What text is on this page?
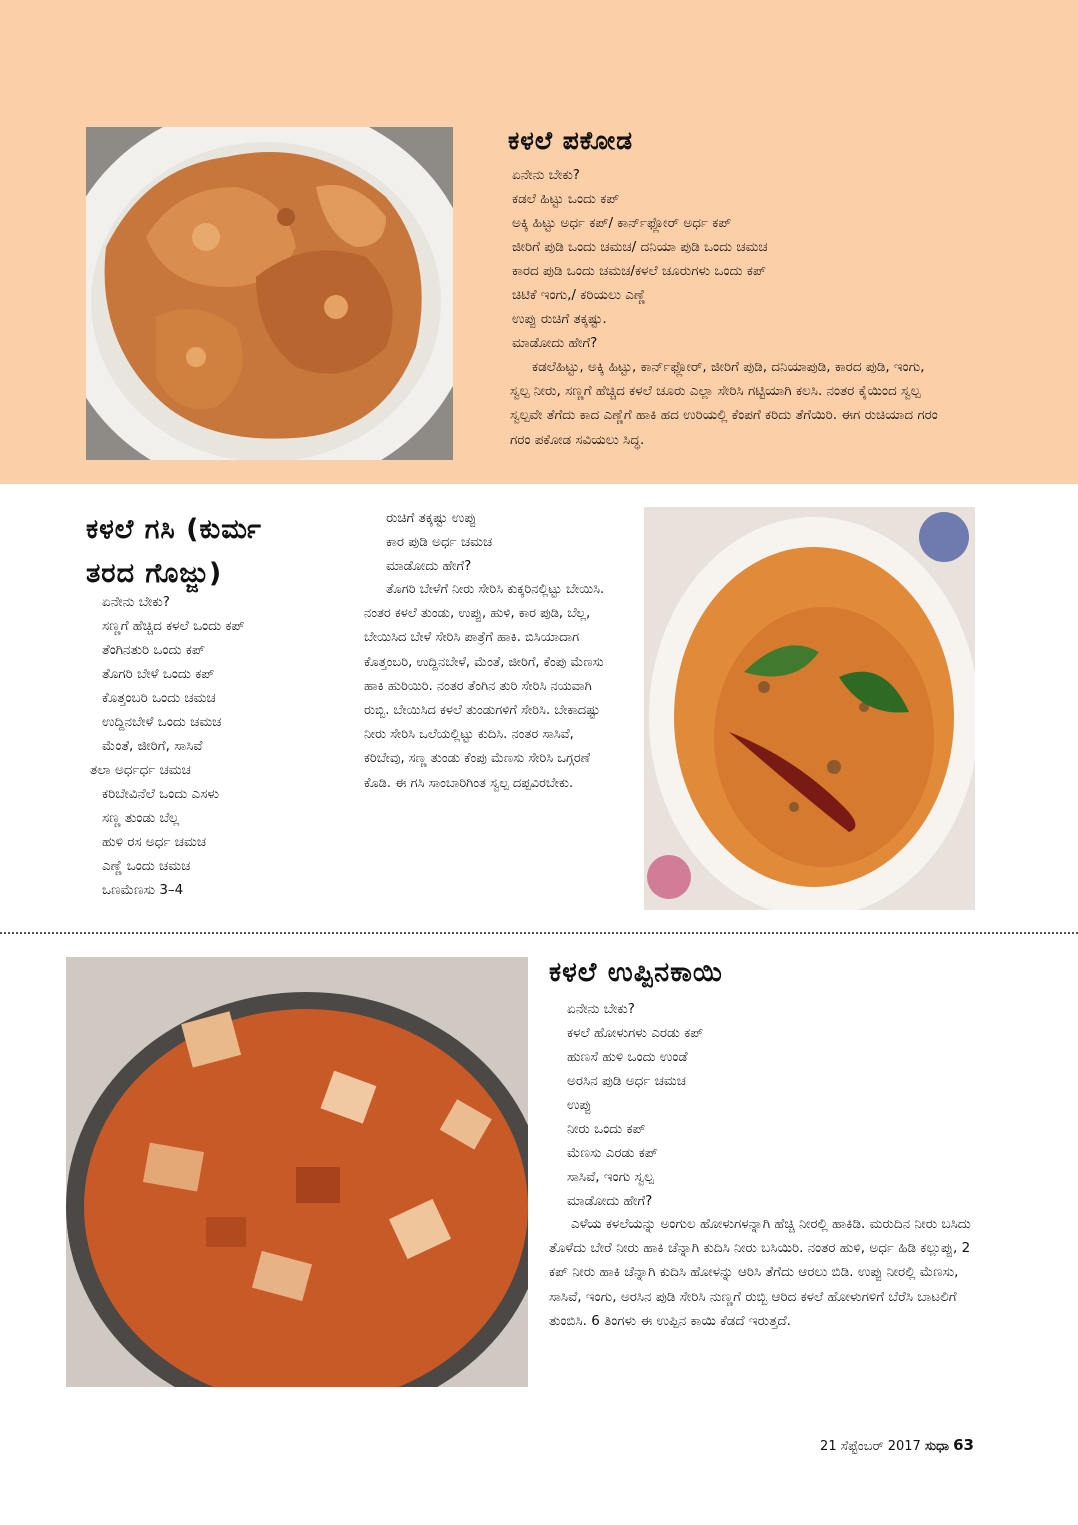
ಕಳಲೆ ಪಕೋಡ
ಏನೇನು ಬೇಕು?
ಕಡಲೆ ಹಿಟ್ಟು ಒಂದು ಕಪ್
ಅಕ್ಕಿ ಹಿಟ್ಟು ಅರ್ಧ ಕಪ್/ ಕಾರ್ನ್‌ಫ್ಲೋರ್ ಅರ್ಧ ಕಪ್
ಜೀರಿಗೆ ಪುಡಿ ಒಂದು ಚಮಚ/ ದನಿಯಾ ಪುಡಿ ಒಂದು ಚಮಚ
ಕಾರದ ಪುಡಿ ಒಂದು ಚಮಚ/ಕಳಲೆ ಚೂರುಗಳು ಒಂದು ಕಪ್
ಚಿಟಿಕೆ ಇಂಗು,/ ಕರಿಯಲು ಎಣ್ಣೆ
ಉಪ್ಪು ರುಚಿಗೆ ತಕ್ಕಷ್ಟು.
ಮಾಡೋದು ಹೇಗೆ?

ಕಡಲೆಹಿಟ್ಟು, ಅಕ್ಕಿ ಹಿಟ್ಟು, ಕಾರ್ನ್‌ಫ್ಲೋರ್, ಜೀರಿಗೆ ಪುಡಿ, ದನಿಯಾಪುಡಿ, ಕಾರದ ಪುಡಿ, ಇಂಗು, ಸ್ವಲ್ಪ ನೀರು, ಸಣ್ಣಗೆ ಹೆಚ್ಚಿದ ಕಳಲೆ ಚೂರು ಎಲ್ಲಾ ಸೇರಿಸಿ ಗಟ್ಟಿಯಾಗಿ ಕಲಸಿ. ನಂತರ ಕೈಯಿಂದ ಸ್ವಲ್ಪ ಸ್ವಲ್ಪವೇ ತೆಗೆದು ಕಾದ ಎಣ್ಣೆಗೆ ಹಾಕಿ ಹದ ಉರಿಯಲ್ಲಿ ಕೆಂಪಗೆ ಕರಿದು ತೆಗೆಯಿರಿ. ಈಗ ರುಚಿಯಾದ ಗರಂ ಗರಂ ಪಕೋಡ ಸವಿಯಲು ಸಿದ್ಧ.

ಕಳಲೆ ಗಸಿ (ಕುರ್ಮ
ತರದ ಗೊಜ್ಜು)
ಏನೇನು ಬೇಕು?
ಸಣ್ಣಗೆ ಹೆಚ್ಚಿದ ಕಳಲೆ ಒಂದು ಕಪ್
ತೆಂಗಿನತುರಿ ಒಂದು ಕಪ್
ತೊಗರಿ ಬೇಳೆ ಒಂದು ಕಪ್
ಕೊತ್ತಂಬರಿ ಒಂದು ಚಮಚ
ಉದ್ದಿನಬೇಳೆ ಒಂದು ಚಮಚ
ಮೆಂತೆ, ಜೀರಿಗೆ, ಸಾಸಿವೆ
ತಲಾ ಅರ್ಧರ್ಧ ಚಮಚ
ಕರಿಬೇವಿನೆಲೆ ಒಂದು ಎಸಳು
ಸಣ್ಣ ತುಂಡು ಬೆಲ್ಲ
ಹುಳಿ ರಸ ಅರ್ಧ ಚಮಚ
ಎಣ್ಣೆ ಒಂದು ಚಮಚ
ಒಣಮೆಣಸು 3–4
ರುಚಿಗೆ ತಕ್ಕಷ್ಟು ಉಪ್ಪು
ಕಾರ ಪುಡಿ ಅರ್ಧ ಚಮಚ
ಮಾಡೋದು ಹೇಗೆ?

ತೊಗರಿ ಬೇಳೆಗೆ ನೀರು ಸೇರಿಸಿ ಕುಕ್ಕರಿನಲ್ಲಿಟ್ಟು ಬೇಯಿಸಿ. ನಂತರ ಕಳಲೆ ತುಂಡು, ಉಪ್ಪು, ಹುಳಿ, ಕಾರ ಪುಡಿ, ಬೆಲ್ಲ, ಬೇಯಿಸಿದ ಬೇಳೆ ಸೇರಿಸಿ ಪಾತ್ರೆಗೆ ಹಾಕಿ. ಬಿಸಿಯಾದಾಗ ಕೊತ್ತಂಬರಿ, ಉದ್ದಿನಬೇಳೆ, ಮೆಂತೆ, ಜೀರಿಗೆ, ಕೆಂಪು ಮೆಣಸು ಹಾಕಿ ಹುರಿಯಿರಿ. ನಂತರ ತೆಂಗಿನ ತುರಿ ಸೇರಿಸಿ ನಯವಾಗಿ ರುಬ್ಬಿ. ಬೇಯಿಸಿದ ಕಳಲೆ ತುಂಡುಗಳಿಗೆ ಸೇರಿಸಿ. ಬೇಕಾದಷ್ಟು ನೀರು ಸೇರಿಸಿ ಒಲೆಯಲ್ಲಿಟ್ಟು ಕುದಿಸಿ. ನಂತರ ಸಾಸಿವೆ, ಕರಿಬೇವು, ಸಣ್ಣ ತುಂಡು ಕೆಂಪು ಮೆಣಸು ಸೇರಿಸಿ ಒಗ್ಗರಣೆ ಕೊಡಿ. ಈ ಗಸಿ ಸಾಂಬಾರಿಗಿಂತ ಸ್ವಲ್ಪ ದಪ್ಪವಿರಬೇಕು.

ಕಳಲೆ ಉಪ್ಪಿನಕಾಯಿ
ಏನೇನು ಬೇಕು?
ಕಳಲೆ ಹೋಳುಗಳು ಎರಡು ಕಪ್
ಹುಣಸೆ ಹುಳಿ ಒಂದು ಉಂಡೆ
ಅರಸಿನ ಪುಡಿ ಅರ್ಧ ಚಮಚ
ಉಪ್ಪು
ನೀರು ಒಂದು ಕಪ್
ಮೆಣಸು ಎರಡು ಕಪ್
ಸಾಸಿವೆ, ಇಂಗು ಸ್ವಲ್ಪ
ಮಾಡೋದು ಹೇಗೆ?

ಎಳೆಯ ಕಳಲೆಯನ್ನು ಅಂಗುಲ ಹೋಳುಗಳನ್ನಾಗಿ ಹೆಚ್ಚಿ ನೀರಲ್ಲಿ ಹಾಕಿಡಿ. ಮರುದಿನ ನೀರು ಬಸಿದು ತೊಳೆದು ಬೇರೆ ನೀರು ಹಾಕಿ ಚೆನ್ನಾಗಿ ಕುದಿಸಿ ನೀರು ಬಸಿಯಿರಿ. ನಂತರ ಹುಳಿ, ಅರ್ಧ ಹಿಡಿ ಕಲ್ಲುಪ್ಪು, 2 ಕಪ್ ನೀರು ಹಾಕಿ ಚೆನ್ನಾಗಿ ಕುದಿಸಿ ಹೋಳನ್ನು ಆರಿಸಿ ತೆಗೆದು ಆರಲು ಬಿಡಿ. ಉಪ್ಪು ನೀರಲ್ಲಿ ಮೆಣಸು, ಸಾಸಿವೆ, ಇಂಗು, ಅರಸಿನ ಪುಡಿ ಸೇರಿಸಿ ನುಣ್ಣಗೆ ರುಬ್ಬಿ ಆರಿದ ಕಳಲೆ ಹೋಳುಗಳಿಗೆ ಬೆರೆಸಿ ಬಾಟಲಿಗೆ ತುಂಬಿಸಿ. 6 ತಿಂಗಳು ಈ ಉಪ್ಪಿನ ಕಾಯಿ ಕೆಡದೆ ಇರುತ್ತದೆ.

21 ಸೆಪ್ಟೆಂಬರ್ 2017 ಸುಧಾ 63
